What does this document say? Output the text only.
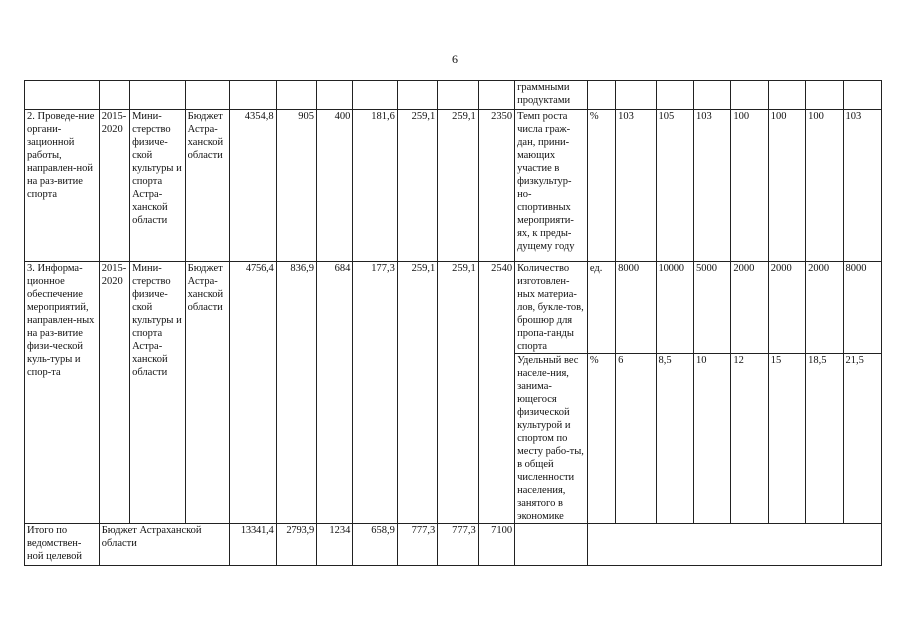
6
											граммными продуктами								
2. Проведе-ние органи-зационной работы, направлен-ной на раз-витие спорта	2015-2020	Мини-стерство физиче-ской культуры и спорта Астра-ханской области	Бюджет Астра-ханской области	4354,8	905	400	181,6	259,1	259,1	2350	Темп роста числа граж-дан, прини-мающих участие в физкультур-но-спортивных мероприяти-ях, к преды-дущему году	%	103	105	103	100	100	100	103
3. Информа-ционное обеспечение мероприятий, направлен-ных на раз-витие физи-ческой куль-туры и спор-та	2015-2020	Мини-стерство физиче-ской культуры и спорта Астра-ханской области	Бюджет Астра-ханской области	4756,4	836,9	684	177,3	259,1	259,1	2540	Количество изготовлен-ных материа-лов, букле-тов, брошюр для пропа-ганды спорта	ед.	8000	10000	5000	2000	2000	2000	8000
											Удельный вес населе-ния, занима-ющегося физической культурой и спортом по месту рабо-ты, в общей численности населения, занятого в экономике	%	6	8,5	10	12	15	18,5	21,5
Итого по ведомствен-ной целевой	Бюджет Астраханской области			13341,4	2793,9	1234	658,9	777,3	777,3	7100									
